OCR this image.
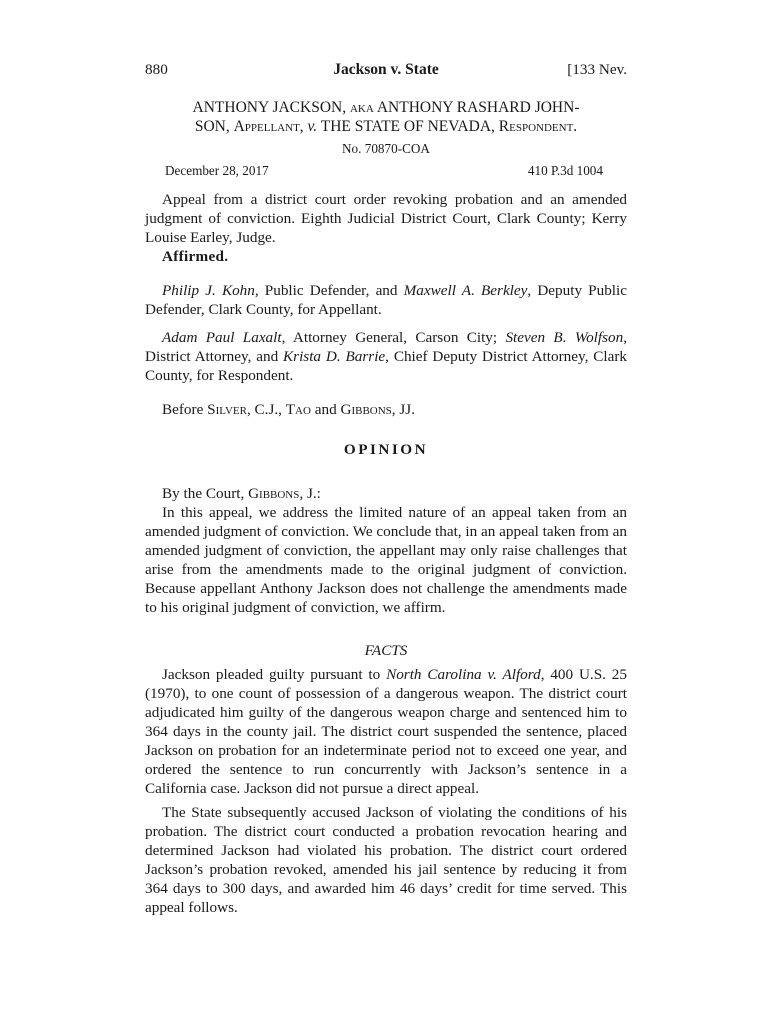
880	Jackson v. State	[133 Nev.
ANTHONY JACKSON, aka ANTHONY RASHARD JOHN-
SON, Appellant, v. THE STATE OF NEVADA, Respondent.
No. 70870-COA
December 28, 2017	410 P.3d 1004

Appeal from a district court order revoking probation and an amended judgment of conviction. Eighth Judicial District Court, Clark County; Kerry Louise Earley, Judge.

Affirmed.

Philip J. Kohn, Public Defender, and Maxwell A. Berkley, Deputy Public Defender, Clark County, for Appellant.

Adam Paul Laxalt, Attorney General, Carson City; Steven B. Wolfson, District Attorney, and Krista D. Barrie, Chief Deputy District Attorney, Clark County, for Respondent.

Before Silver, C.J., Tao and Gibbons, JJ.

OPINION

By the Court, Gibbons, J.:

In this appeal, we address the limited nature of an appeal taken from an amended judgment of conviction. We conclude that, in an appeal taken from an amended judgment of conviction, the appellant may only raise challenges that arise from the amendments made to the original judgment of conviction. Because appellant Anthony Jackson does not challenge the amendments made to his original judgment of conviction, we affirm.

FACTS

Jackson pleaded guilty pursuant to North Carolina v. Alford, 400 U.S. 25 (1970), to one count of possession of a dangerous weapon. The district court adjudicated him guilty of the dangerous weapon charge and sentenced him to 364 days in the county jail. The district court suspended the sentence, placed Jackson on probation for an indeterminate period not to exceed one year, and ordered the sentence to run concurrently with Jackson’s sentence in a California case. Jackson did not pursue a direct appeal.

The State subsequently accused Jackson of violating the conditions of his probation. The district court conducted a probation revocation hearing and determined Jackson had violated his probation. The district court ordered Jackson’s probation revoked, amended his jail sentence by reducing it from 364 days to 300 days, and awarded him 46 days’ credit for time served. This appeal follows.
